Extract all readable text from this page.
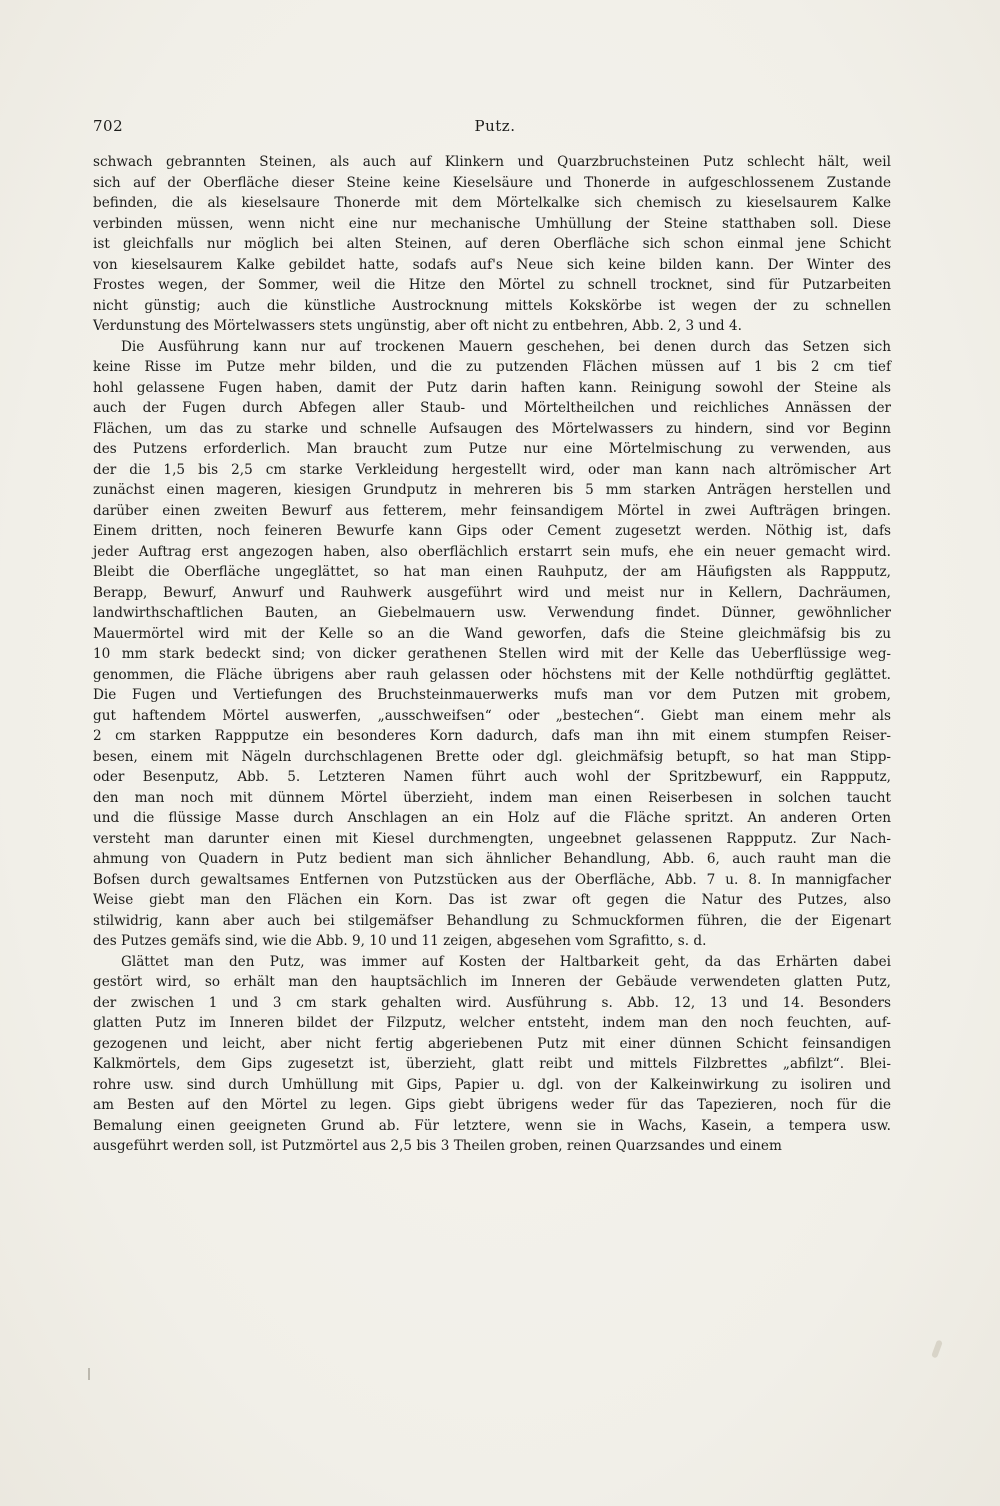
702	Putz.
schwach gebrannten Steinen, als auch auf Klinkern und Quarzbruchsteinen Putz schlecht hält, weil
sich auf der Oberfläche dieser Steine keine Kieselsäure und Thonerde in aufgeschlossenem Zustande
befinden, die als kieselsaure Thonerde mit dem Mörtelkalke sich chemisch zu kieselsaurem Kalke
verbinden müssen, wenn nicht eine nur mechanische Umhüllung der Steine statthaben soll. Diese
ist gleichfalls nur möglich bei alten Steinen, auf deren Oberfläche sich schon einmal jene Schicht
von kieselsaurem Kalke gebildet hatte, sodafs auf's Neue sich keine bilden kann. Der Winter des
Frostes wegen, der Sommer, weil die Hitze den Mörtel zu schnell trocknet, sind für Putzarbeiten
nicht günstig; auch die künstliche Austrocknung mittels Kokskörbe ist wegen der zu schnellen
Verdunstung des Mörtelwassers stets ungünstig, aber oft nicht zu entbehren, Abb. 2, 3 und 4.
Die Ausführung kann nur auf trockenen Mauern geschehen, bei denen durch das Setzen sich
keine Risse im Putze mehr bilden, und die zu putzenden Flächen müssen auf 1 bis 2 cm tief
hohl gelassene Fugen haben, damit der Putz darin haften kann. Reinigung sowohl der Steine als
auch der Fugen durch Abfegen aller Staub- und Mörteltheilchen und reichliches Annässen der
Flächen, um das zu starke und schnelle Aufsaugen des Mörtelwassers zu hindern, sind vor Beginn
des Putzens erforderlich. Man braucht zum Putze nur eine Mörtelmischung zu verwenden, aus
der die 1,5 bis 2,5 cm starke Verkleidung hergestellt wird, oder man kann nach altrömischer Art
zunächst einen mageren, kiesigen Grundputz in mehreren bis 5 mm starken Anträgen herstellen und
darüber einen zweiten Bewurf aus fetterem, mehr feinsandigem Mörtel in zwei Aufträgen bringen.
Einem dritten, noch feineren Bewurfe kann Gips oder Cement zugesetzt werden. Nöthig ist, dafs
jeder Auftrag erst angezogen haben, also oberflächlich erstarrt sein mufs, ehe ein neuer gemacht wird.
Bleibt die Oberfläche ungeglättet, so hat man einen Rauhputz, der am Häufigsten als Rappputz,
Berapp, Bewurf, Anwurf und Rauhwerk ausgeführt wird und meist nur in Kellern, Dachräumen,
landwirthschaftlichen Bauten, an Giebelmauern usw. Verwendung findet. Dünner, gewöhnlicher
Mauermörtel wird mit der Kelle so an die Wand geworfen, dafs die Steine gleichmäfsig bis zu
10 mm stark bedeckt sind; von dicker gerathenen Stellen wird mit der Kelle das Ueberflüssige weg-
genommen, die Fläche übrigens aber rauh gelassen oder höchstens mit der Kelle nothdürftig geglättet.
Die Fugen und Vertiefungen des Bruchsteinmauerwerks mufs man vor dem Putzen mit grobem,
gut haftendem Mörtel auswerfen, „ausschweifsen“ oder „bestechen“. Giebt man einem mehr als
2 cm starken Rappputze ein besonderes Korn dadurch, dafs man ihn mit einem stumpfen Reiser-
besen, einem mit Nägeln durchschlagenen Brette oder dgl. gleichmäfsig betupft, so hat man Stipp-
oder Besenputz, Abb. 5. Letzteren Namen führt auch wohl der Spritzbewurf, ein Rappputz,
den man noch mit dünnem Mörtel überzieht, indem man einen Reiserbesen in solchen taucht
und die flüssige Masse durch Anschlagen an ein Holz auf die Fläche spritzt. An anderen Orten
versteht man darunter einen mit Kiesel durchmengten, ungeebnet gelassenen Rappputz. Zur Nach-
ahmung von Quadern in Putz bedient man sich ähnlicher Behandlung, Abb. 6, auch rauht man die
Bofsen durch gewaltsames Entfernen von Putzstücken aus der Oberfläche, Abb. 7 u. 8. In mannigfacher
Weise giebt man den Flächen ein Korn. Das ist zwar oft gegen die Natur des Putzes, also
stilwidrig, kann aber auch bei stilgemäfser Behandlung zu Schmuckformen führen, die der Eigenart
des Putzes gemäfs sind, wie die Abb. 9, 10 und 11 zeigen, abgesehen vom Sgrafitto, s. d.
Glättet man den Putz, was immer auf Kosten der Haltbarkeit geht, da das Erhärten dabei
gestört wird, so erhält man den hauptsächlich im Inneren der Gebäude verwendeten glatten Putz,
der zwischen 1 und 3 cm stark gehalten wird. Ausführung s. Abb. 12, 13 und 14. Besonders
glatten Putz im Inneren bildet der Filzputz, welcher entsteht, indem man den noch feuchten, auf-
gezogenen und leicht, aber nicht fertig abgeriebenen Putz mit einer dünnen Schicht feinsandigen
Kalkmörtels, dem Gips zugesetzt ist, überzieht, glatt reibt und mittels Filzbrettes „abfilzt“. Blei-
rohre usw. sind durch Umhüllung mit Gips, Papier u. dgl. von der Kalkeinwirkung zu isoliren und
am Besten auf den Mörtel zu legen. Gips giebt übrigens weder für das Tapezieren, noch für die
Bemalung einen geeigneten Grund ab. Für letztere, wenn sie in Wachs, Kasein, a tempera usw.
ausgeführt werden soll, ist Putzmörtel aus 2,5 bis 3 Theilen groben, reinen Quarzsandes und einem
